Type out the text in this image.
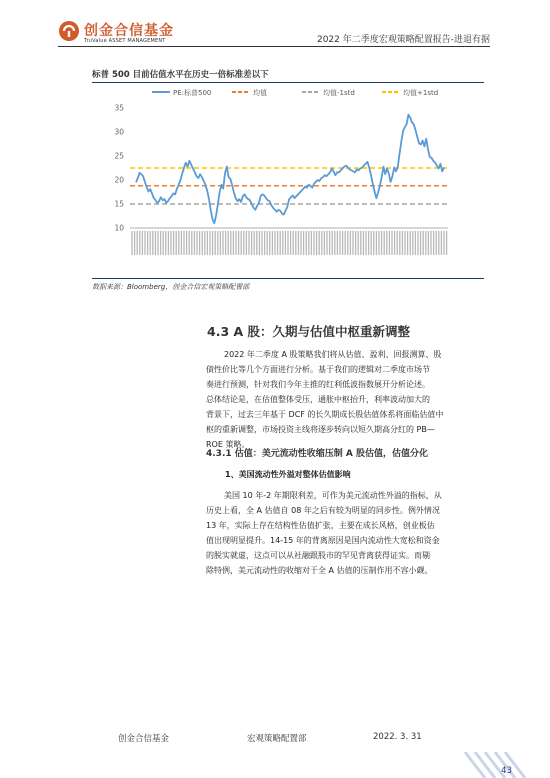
创金合信基金
TruValue ASSET MANAGEMENT	2022 年二季度宏观策略配置报告-进退有据
标普 500 目前估值水平在历史一倍标准差以下
PE:标普500	均值	均值-1std	均值+1std
10
15
20
25
30
35
数据来源：Bloomberg，创金合信宏观策略配置部
4.3 A 股：久期与估值中枢重新调整
2022 年二季度 A 股策略我们将从估值、盈利、回报测算、股
债性价比等几个方面进行分析。基于我们的逻辑对二季度市场节
奏进行预测，针对我们今年主推的红利低波指数展开分析论述。
总体结论是，在估值整体受压，通胀中枢抬升，利率波动加大的
背景下，过去三年基于 DCF 的长久期成长股估值体系将面临估值中
枢的重新调整，市场投资主线将逐步转向以短久期高分红的 PB—
ROE 策略。
4.3.1 估值：美元流动性收缩压制 A 股估值，估值分化
1、美国流动性外溢对整体估值影响
美国 10 年-2 年期限利差，可作为美元流动性外溢的指标，从
历史上看，全 A 估值自 08 年之后有较为明显的同步性。例外情况
13 年，实际上存在结构性估值扩张，主要在成长风格，创业板估
值出现明显提升。14-15 年的背离原因是国内流动性大宽松和资金
的脱实就虚，这点可以从社融跟股市的罕见背离获得证实。而剔
除特例，美元流动性的收缩对于全 A 估值的压制作用不容小觑。
创金合信基金	宏观策略配置部	2022. 3. 31
43
